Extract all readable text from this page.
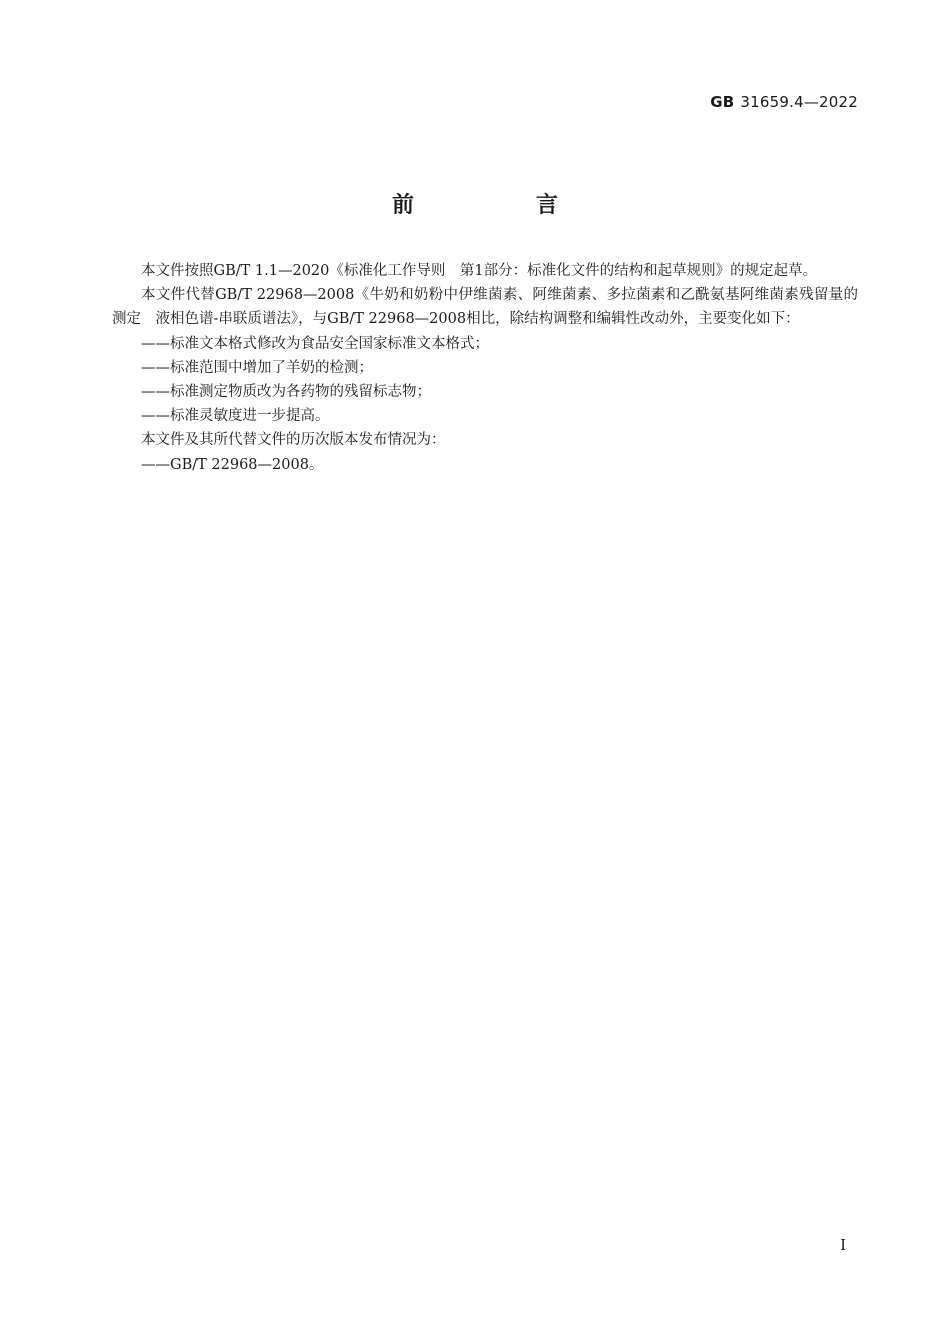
GB 31659.4—2022
前　言

本文件按照GB/T 1.1—2020《标准化工作导则　第1部分：标准化文件的结构和起草规则》的规定起草。

本文件代替GB/T 22968—2008《牛奶和奶粉中伊维菌素、阿维菌素、多拉菌素和乙酰氨基阿维菌素残留量的测定　液相色谱-串联质谱法》，与GB/T 22968—2008相比，除结构调整和编辑性改动外，主要变化如下：

——标准文本格式修改为食品安全国家标准文本格式；

——标准范围中增加了羊奶的检测；

——标准测定物质改为各药物的残留标志物；

——标准灵敏度进一步提高。

本文件及其所代替文件的历次版本发布情况为：

——GB/T 22968—2008。

Ⅰ
